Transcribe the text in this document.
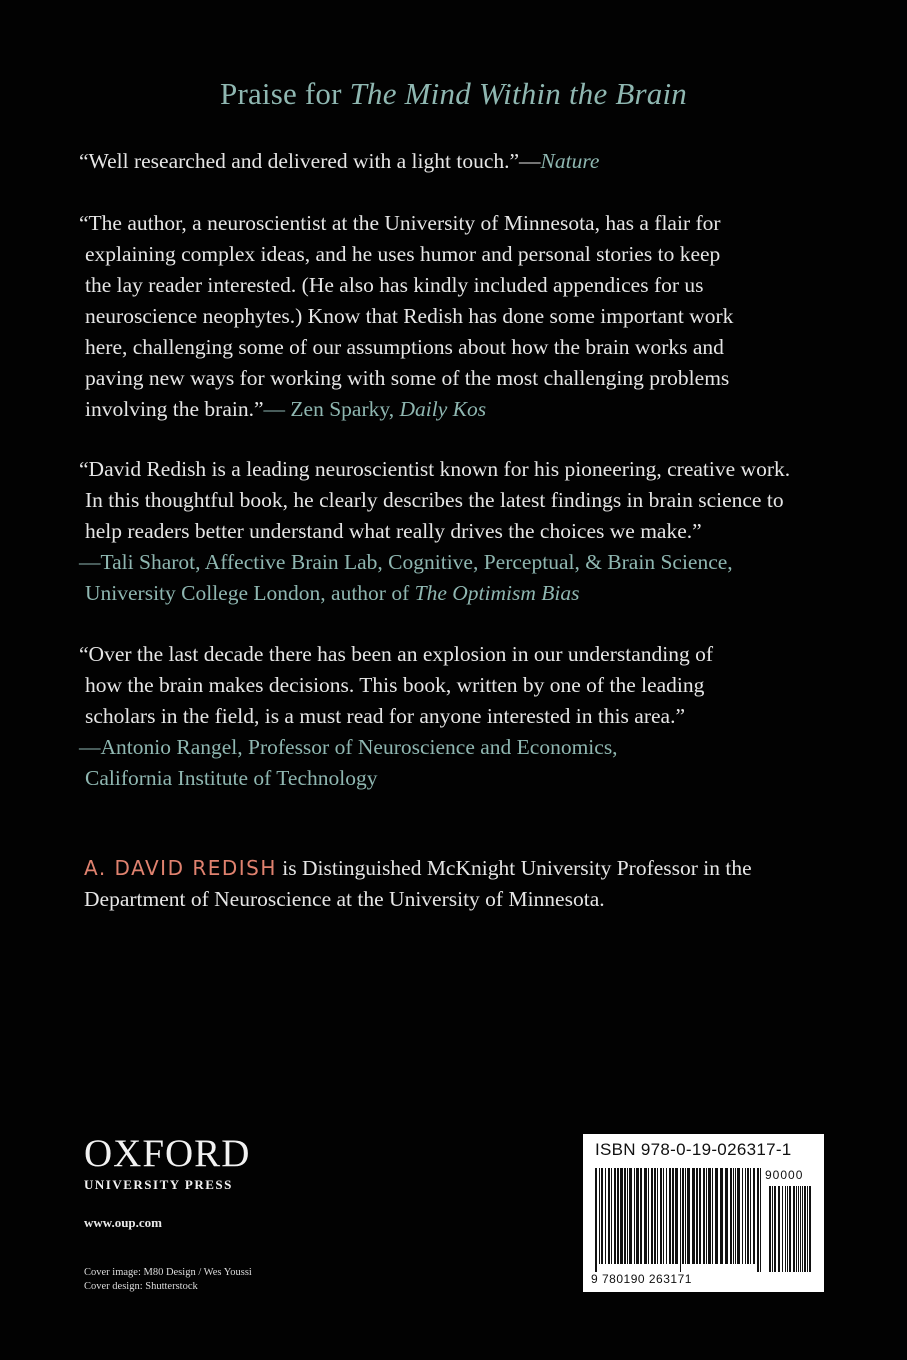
Praise for The Mind Within the Brain
“Well researched and delivered with a light touch.”—Nature
“The author, a neuroscientist at the University of Minnesota, has a flair for
explaining complex ideas, and he uses humor and personal stories to keep
the lay reader interested. (He also has kindly included appendices for us
neuroscience neophytes.) Know that Redish has done some important work
here, challenging some of our assumptions about how the brain works and
paving new ways for working with some of the most challenging problems
involving the brain.”— Zen Sparky, Daily Kos
“David Redish is a leading neuroscientist known for his pioneering, creative work.
In this thoughtful book, he clearly describes the latest findings in brain science to
help readers better understand what really drives the choices we make.”
—Tali Sharot, Affective Brain Lab, Cognitive, Perceptual, & Brain Science,
University College London, author of The Optimism Bias
“Over the last decade there has been an explosion in our understanding of
how the brain makes decisions. This book, written by one of the leading
scholars in the field, is a must read for anyone interested in this area.”
—Antonio Rangel, Professor of Neuroscience and Economics,
California Institute of Technology
A. DAVID REDISH is Distinguished McKnight University Professor in the
Department of Neuroscience at the University of Minnesota.
OXFORD
UNIVERSITY PRESS
www.oup.com
Cover image: M80 Design / Wes Youssi
Cover design: Shutterstock
ISBN 978-0-19-026317-1
90000
9 780190 263171
